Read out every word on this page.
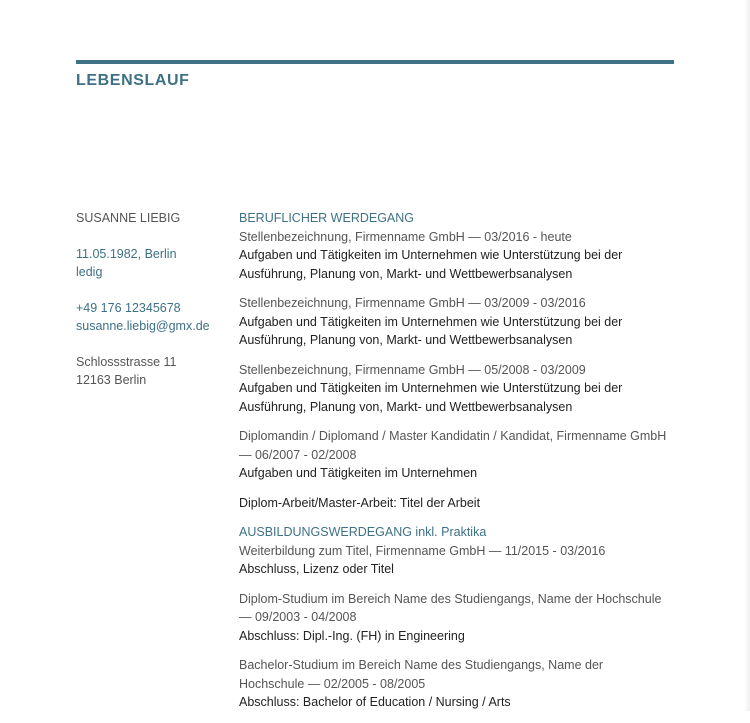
LEBENSLAUF
SUSANNE LIEBIG
11.05.1982, Berlin
ledig
+49 176 12345678
susanne.liebig@gmx.de
Schlossstrasse 11
12163 Berlin
BERUFLICHER WERDEGANG
Stellenbezeichnung, Firmenname GmbH — 03/2016 - heute
Aufgaben und Tätigkeiten im Unternehmen wie Unterstützung bei der Ausführung, Planung von, Markt- und Wettbewerbsanalysen
Stellenbezeichnung, Firmenname GmbH — 03/2009 - 03/2016
Aufgaben und Tätigkeiten im Unternehmen wie Unterstützung bei der Ausführung, Planung von, Markt- und Wettbewerbsanalysen
Stellenbezeichnung, Firmenname GmbH — 05/2008 - 03/2009
Aufgaben und Tätigkeiten im Unternehmen wie Unterstützung bei der Ausführung, Planung von, Markt- und Wettbewerbsanalysen
Diplomandin / Diplomand / Master Kandidatin / Kandidat, Firmenname GmbH — 06/2007 - 02/2008
Aufgaben und Tätigkeiten im Unternehmen
Diplom-Arbeit/Master-Arbeit: Titel der Arbeit
AUSBILDUNGSWERDEGANG inkl. Praktika
Weiterbildung zum Titel, Firmenname GmbH — 11/2015 - 03/2016
Abschluss, Lizenz oder Titel
Diplom-Studium im Bereich Name des Studiengangs, Name der Hochschule — 09/2003 - 04/2008
Abschluss: Dipl.-Ing. (FH) in Engineering
Bachelor-Studium im Bereich Name des Studiengangs, Name der Hochschule — 02/2005 - 08/2005
Abschluss: Bachelor of Education / Nursing / Arts
